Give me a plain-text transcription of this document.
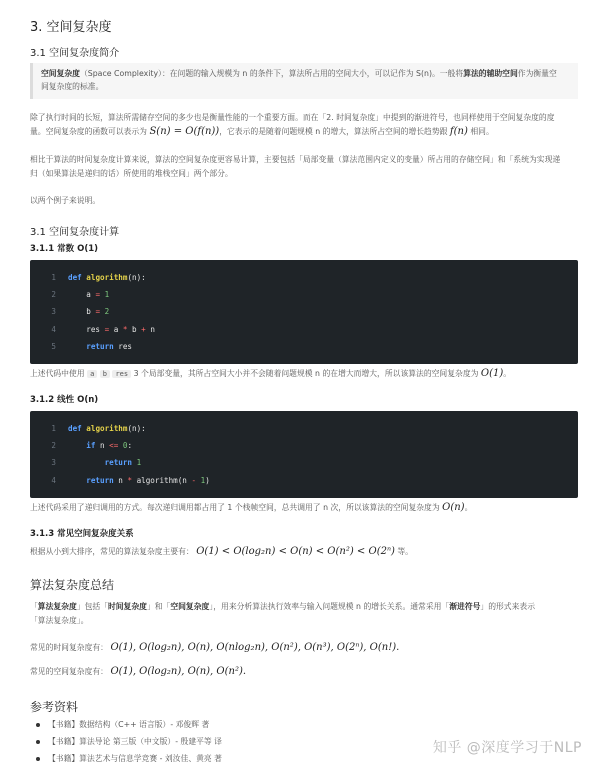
3. 空间复杂度
3.1 空间复杂度简介
空间复杂度（Space Complexity）：在问题的输入规模为 n 的条件下，算法所占用的空间大小，可以记作为 S(n)。一般将算法的辅助空间作为衡量空
间复杂度的标准。
除了执行时间的长短，算法所需储存空间的多少也是衡量性能的一个重要方面。而在「2. 时间复杂度」中提到的渐进符号，也同样使用于空间复杂度的度
量。空间复杂度的函数可以表示为 S(n) = O(f(n))，它表示的是随着问题规模 n 的增大，算法所占空间的增长趋势跟 f(n) 相同。
相比于算法的时间复杂度计算来说，算法的空间复杂度更容易计算，主要包括「局部变量（算法范围内定义的变量）所占用的存储空间」和「系统为实现递
归（如果算法是递归的话）所使用的堆栈空间」两个部分。
以两个例子来说明。
3.1 空间复杂度计算
3.1.1 常数 O(1)
1 def algorithm(n):
2    a = 1
3    b = 2
4    res = a * b + n
5    return res
上述代码中使用 a b res 3 个局部变量，其所占空间大小并不会随着问题规模 n 的在增大而增大，所以该算法的空间复杂度为 O(1)。
3.1.2 线性 O(n)
1 def algorithm(n):
2    if n <= 0:
3        return 1
4    return n * algorithm(n - 1)
上述代码采用了递归调用的方式。每次递归调用都占用了 1 个栈帧空间，总共调用了 n 次，所以该算法的空间复杂度为 O(n)。
3.1.3 常见空间复杂度关系
根据从小到大排序，常见的算法复杂度主要有： O(1) < O(log₂n) < O(n) < O(n²) < O(2ⁿ) 等。
算法复杂度总结
「算法复杂度」包括「时间复杂度」和「空间复杂度」，用来分析算法执行效率与输入问题规模 n 的增长关系。通常采用「渐进符号」的形式来表示
「算法复杂度」。
常见的时间复杂度有： O(1), O(log₂n), O(n), O(nlog₂n), O(n²), O(n³), O(2ⁿ), O(n!).
常见的空间复杂度有： O(1), O(log₂n), O(n), O(n²).
参考资料
【书籍】数据结构（C++ 语言版）- 邓俊辉 著
【书籍】算法导论 第三版（中文版）- 殷建平等 译
【书籍】算法艺术与信息学竞赛 - 刘汝佳、黄亮 著
知乎 @深度学习于NLP
